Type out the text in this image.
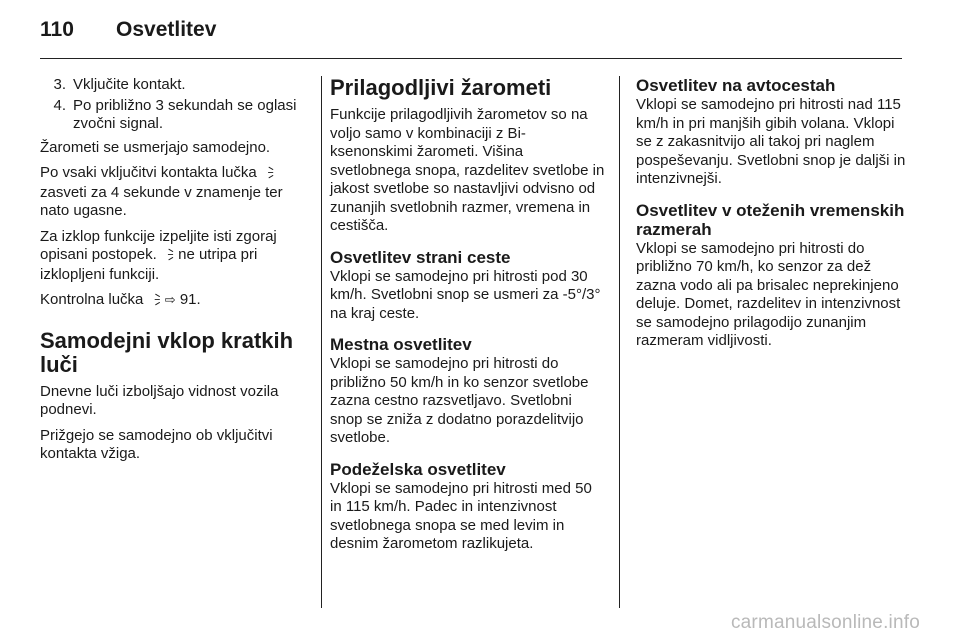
110 Osvetlitev
3. Vključite kontakt.
4. Po približno 3 sekundah se oglasi zvočni signal.

Žarometi se usmerjajo samodejno.

Po vsaki vključitvi kontakta lučka 🗦 zasveti za 4 sekunde v znamenje ter nato ugasne.

Za izklop funkcije izpeljite isti zgoraj opisani postopek. 🗦 ne utripa pri izklopljeni funkciji.

Kontrolna lučka 🗦 ⇨ 91.

Samodejni vklop kratkih luči

Dnevne luči izboljšajo vidnost vozila podnevi.

Prižgejo se samodejno ob vključitvi kontakta vžiga.

Prilagodljivi žarometi

Funkcije prilagodljivih žarometov so na voljo samo v kombinaciji z Bi-ksenonskimi žarometi. Višina svetlobnega snopa, razdelitev svetlobe in jakost svetlobe so nastavljivi odvisno od zunanjih svetlobnih razmer, vremena in cestišča.

Osvetlitev strani ceste

Vklopi se samodejno pri hitrosti pod 30 km/h. Svetlobni snop se usmeri za -5°/3° na kraj ceste.

Mestna osvetlitev

Vklopi se samodejno pri hitrosti do približno 50 km/h in ko senzor svetlobe zazna cestno razsvetljavo. Svetlobni snop se zniža z dodatno porazdelitvijo svetlobe.

Podeželska osvetlitev

Vklopi se samodejno pri hitrosti med 50 in 115 km/h. Padec in intenzivnost svetlobnega snopa se med levim in desnim žarometom razlikujeta.

Osvetlitev na avtocestah

Vklopi se samodejno pri hitrosti nad 115 km/h in pri manjših gibih volana. Vklopi se z zakasnitvijo ali takoj pri naglem pospeševanju. Svetlobni snop je daljši in intenzivnejši.

Osvetlitev v oteženih vremenskih razmerah

Vklopi se samodejno pri hitrosti do približno 70 km/h, ko senzor za dež zazna vodo ali pa brisalec neprekinjeno deluje. Domet, razdelitev in intenzivnost se samodejno prilagodijo zunanjim razmeram vidljivosti.

carmanualsonline.info
